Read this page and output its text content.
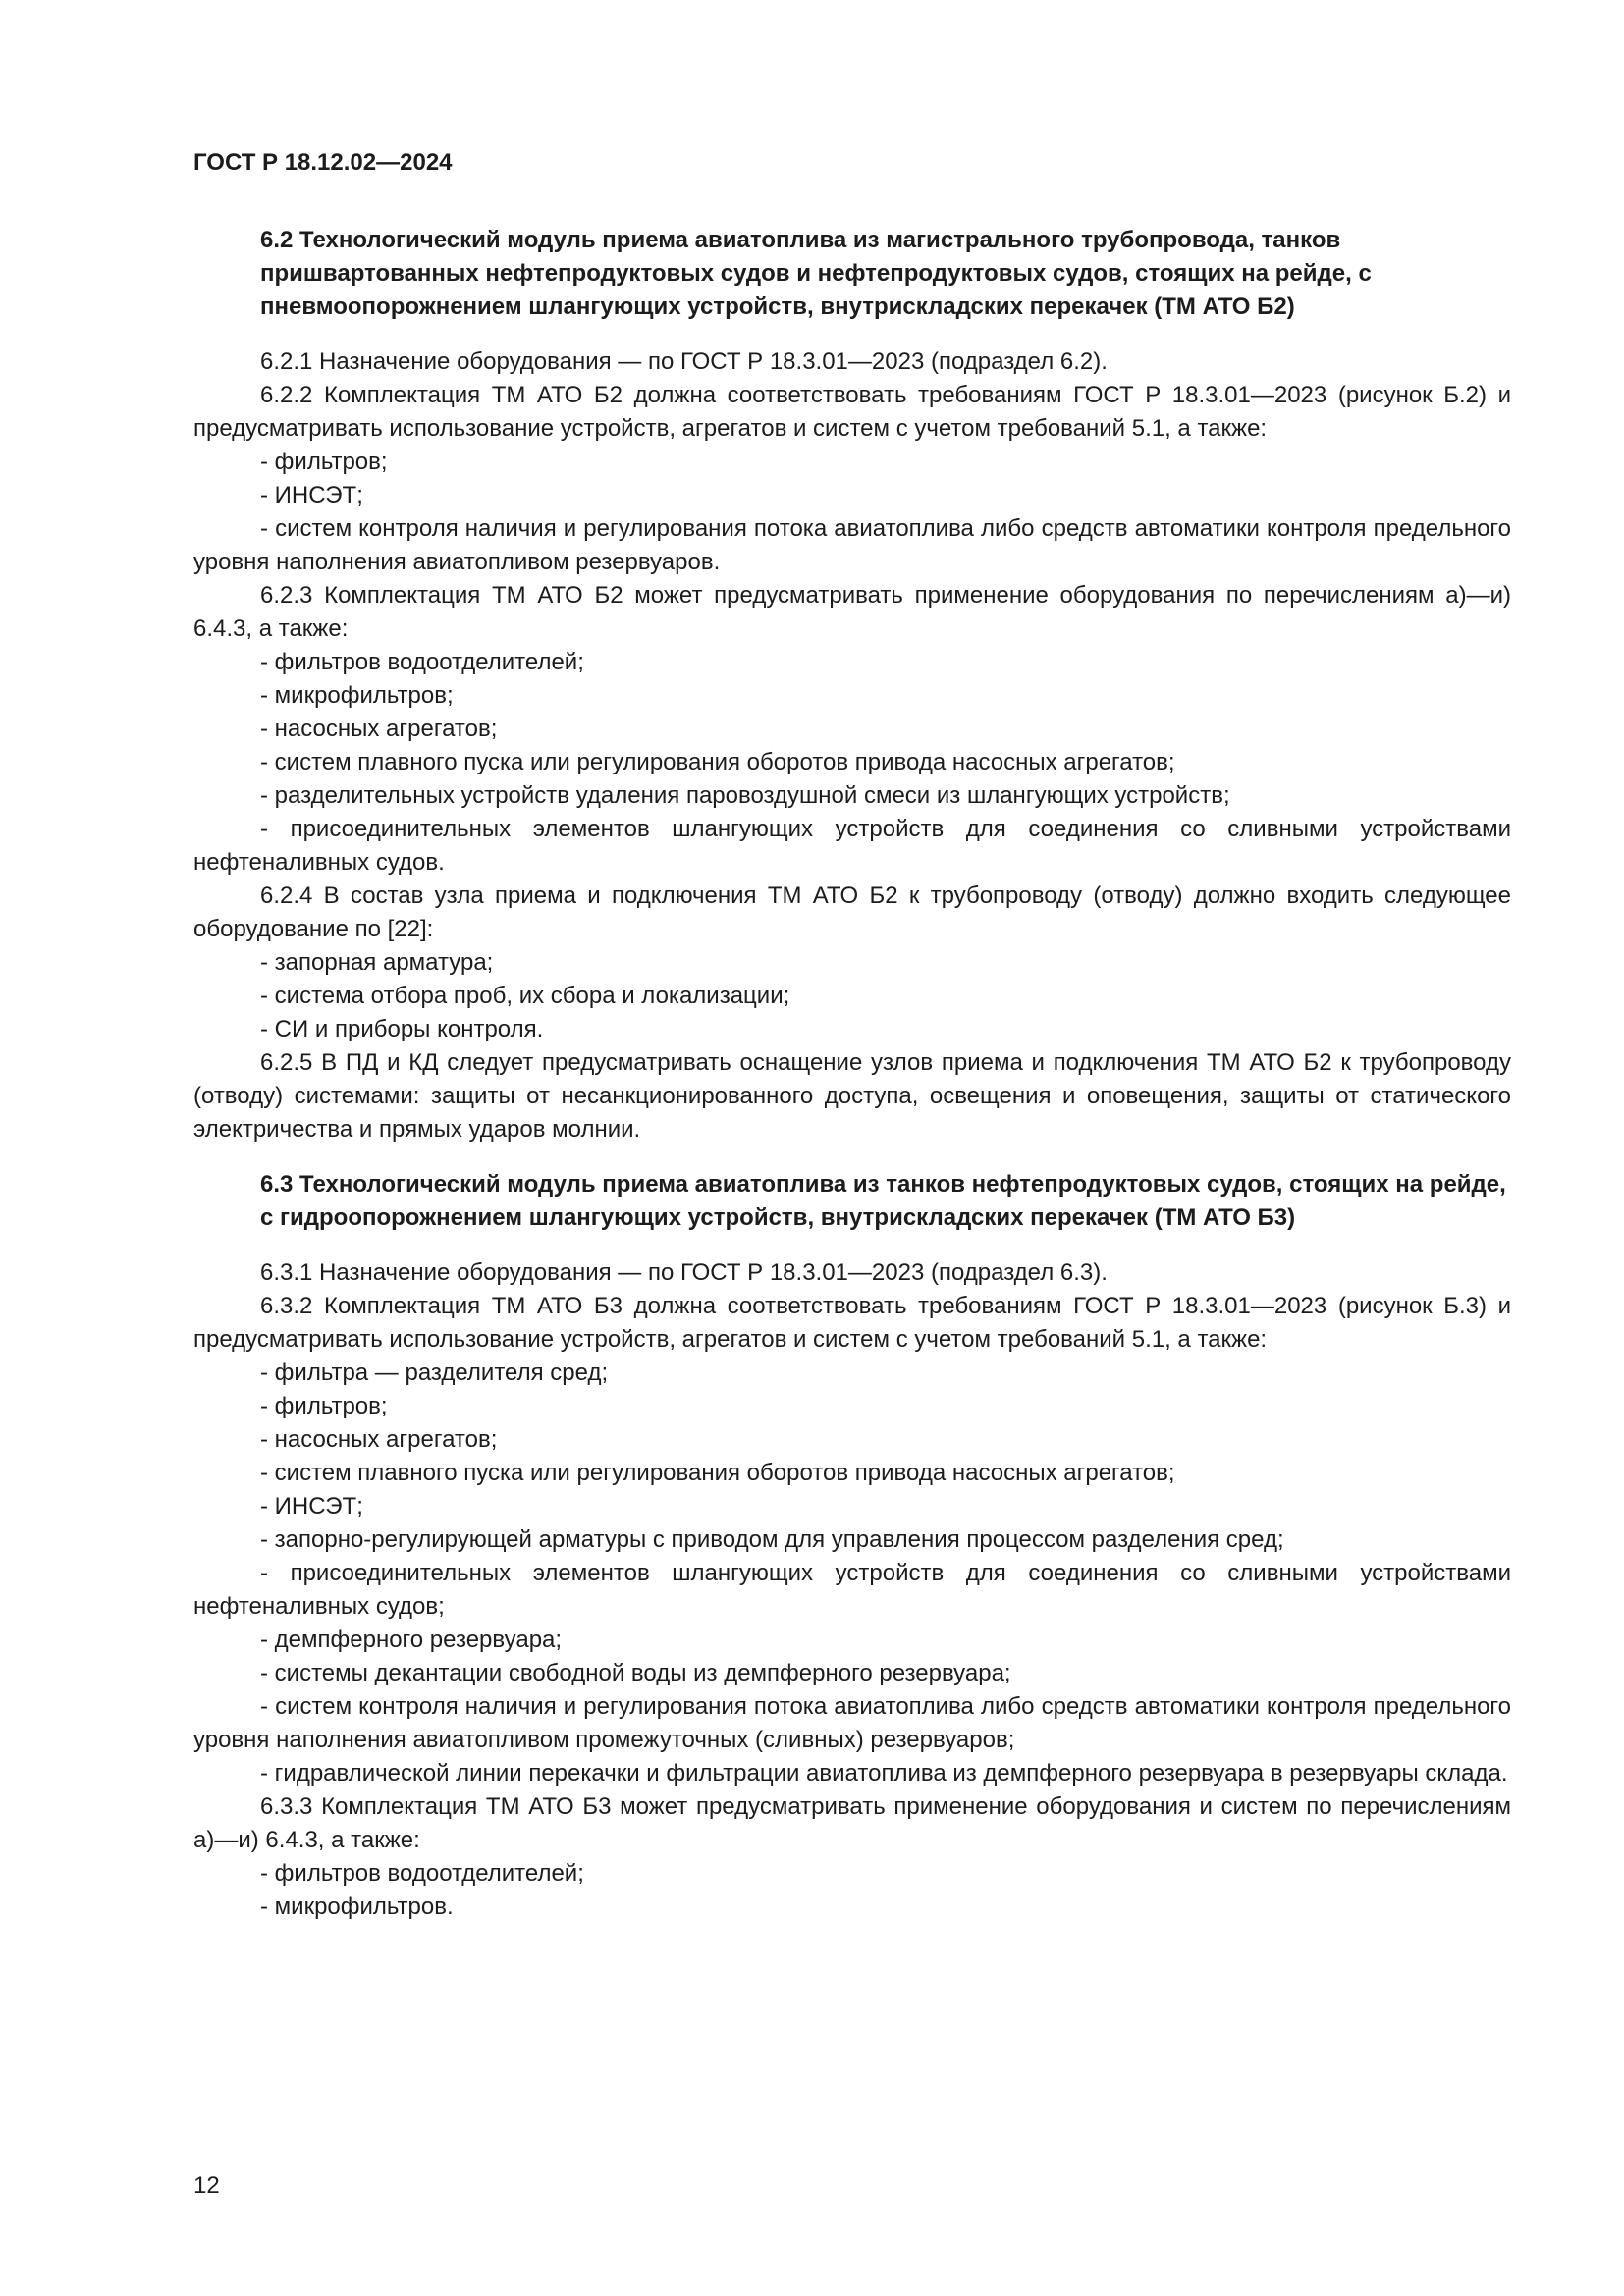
ГОСТ Р 18.12.02—2024
6.2 Технологический модуль приема авиатоплива из магистрального трубопровода, танков пришвартованных нефтепродуктовых судов и нефтепродуктовых судов, стоящих на рейде, с пневмоопорожнением шлангующих устройств, внутрискладских перекачек (ТМ АТО Б2)

6.2.1 Назначение оборудования — по ГОСТ Р 18.3.01—2023 (подраздел 6.2).

6.2.2 Комплектация ТМ АТО Б2 должна соответствовать требованиям ГОСТ Р 18.3.01—2023 (рисунок Б.2) и предусматривать использование устройств, агрегатов и систем с учетом требований 5.1, а также:

- фильтров;

- ИНСЭТ;

- систем контроля наличия и регулирования потока авиатоплива либо средств автоматики контроля предельного уровня наполнения авиатопливом резервуаров.

6.2.3 Комплектация ТМ АТО Б2 может предусматривать применение оборудования по перечислениям а)—и) 6.4.3, а также:

- фильтров водоотделителей;

- микрофильтров;

- насосных агрегатов;

- систем плавного пуска или регулирования оборотов привода насосных агрегатов;

- разделительных устройств удаления паровоздушной смеси из шлангующих устройств;

- присоединительных элементов шлангующих устройств для соединения со сливными устройствами нефтеналивных судов.

6.2.4 В состав узла приема и подключения ТМ АТО Б2 к трубопроводу (отводу) должно входить следующее оборудование по [22]:

- запорная арматура;

- система отбора проб, их сбора и локализации;

- СИ и приборы контроля.

6.2.5 В ПД и КД следует предусматривать оснащение узлов приема и подключения ТМ АТО Б2 к трубопроводу (отводу) системами: защиты от несанкционированного доступа, освещения и оповещения, защиты от статического электричества и прямых ударов молнии.

6.3 Технологический модуль приема авиатоплива из танков нефтепродуктовых судов, стоящих на рейде, с гидроопорожнением шлангующих устройств, внутрискладских перекачек (ТМ АТО Б3)

6.3.1 Назначение оборудования — по ГОСТ Р 18.3.01—2023 (подраздел 6.3).

6.3.2 Комплектация ТМ АТО Б3 должна соответствовать требованиям ГОСТ Р 18.3.01—2023 (рисунок Б.3) и предусматривать использование устройств, агрегатов и систем с учетом требований 5.1, а также:

- фильтра — разделителя сред;

- фильтров;

- насосных агрегатов;

- систем плавного пуска или регулирования оборотов привода насосных агрегатов;

- ИНСЭТ;

- запорно-регулирующей арматуры с приводом для управления процессом разделения сред;

- присоединительных элементов шлангующих устройств для соединения со сливными устройствами нефтеналивных судов;

- демпферного резервуара;

- системы декантации свободной воды из демпферного резервуара;

- систем контроля наличия и регулирования потока авиатоплива либо средств автоматики контроля предельного уровня наполнения авиатопливом промежуточных (сливных) резервуаров;

- гидравлической линии перекачки и фильтрации авиатоплива из демпферного резервуара в резервуары склада.

6.3.3 Комплектация ТМ АТО Б3 может предусматривать применение оборудования и систем по перечислениям а)—и) 6.4.3, а также:

- фильтров водоотделителей;

- микрофильтров.

12
